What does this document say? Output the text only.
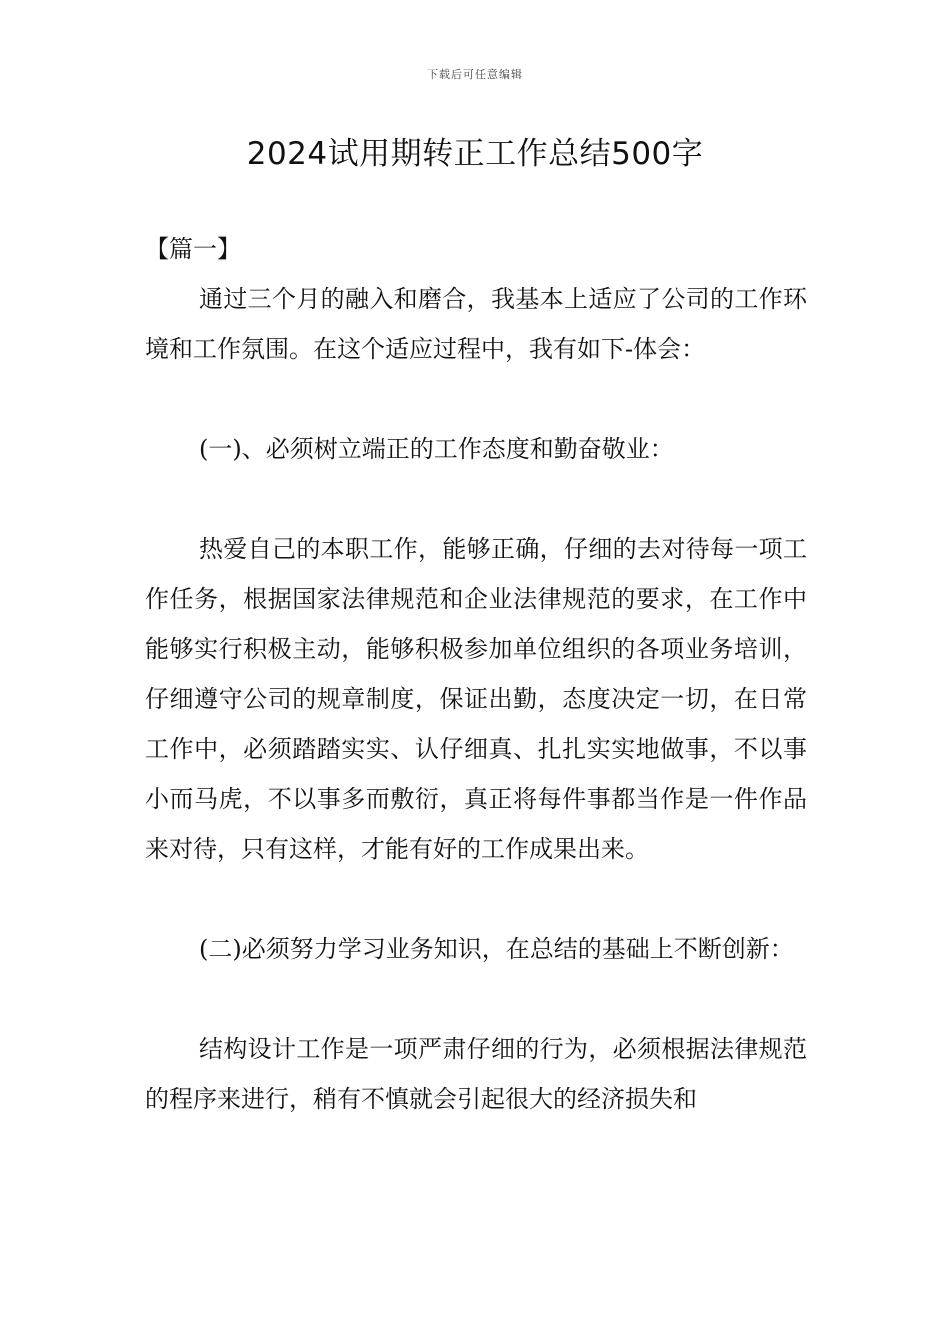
下载后可任意编辑
2024试用期转正工作总结500字

【篇一】

通过三个月的融入和磨合，我基本上适应了公司的工作环境和工作氛围。在这个适应过程中，我有如下-体会：

(一)、必须树立端正的工作态度和勤奋敬业：

热爱自己的本职工作，能够正确，仔细的去对待每一项工作任务，根据国家法律规范和企业法律规范的要求，在工作中能够实行积极主动，能够积极参加单位组织的各项业务培训，仔细遵守公司的规章制度，保证出勤，态度决定一切，在日常工作中，必须踏踏实实、认仔细真、扎扎实实地做事，不以事小而马虎，不以事多而敷衍，真正将每件事都当作是一件作品来对待，只有这样，才能有好的工作成果出来。

(二)必须努力学习业务知识，在总结的基础上不断创新：

结构设计工作是一项严肃仔细的行为，必须根据法律规范的程序来进行，稍有不慎就会引起很大的经济损失和
